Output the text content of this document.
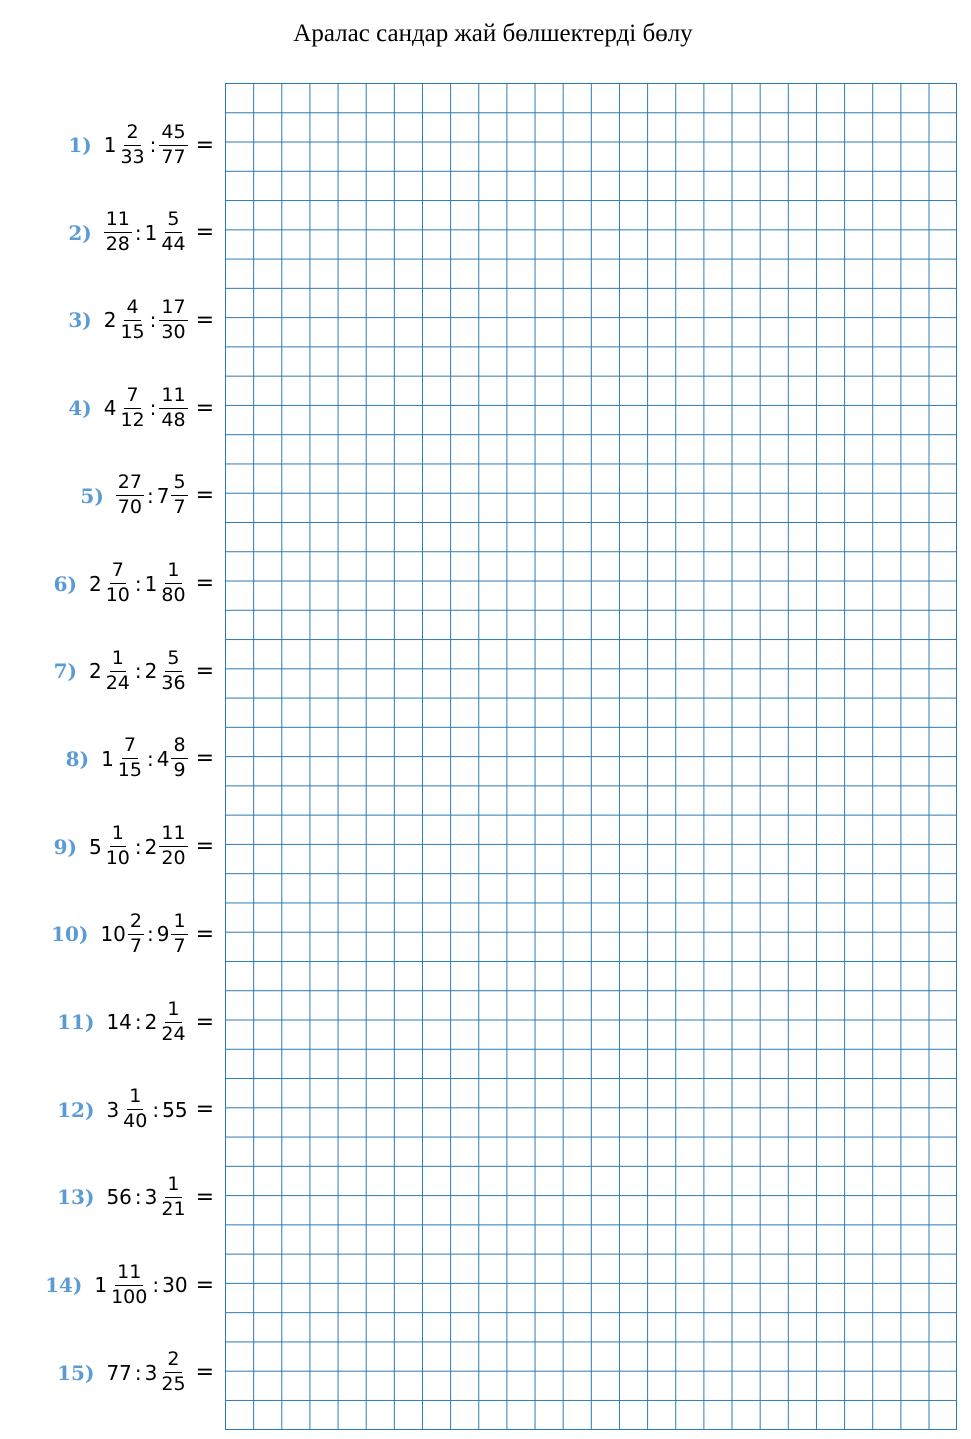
Аралас сандар жай бөлшектерді бөлу
1) $1 \frac{2}{33}$ : $\frac{45}{77}$ =
$2) \frac{11}{28}$ : $1 \frac{5}{44}$ =
3) $2 \frac{4}{15}$ : $\frac{17}{30}$ =
4) $4 \frac{7}{12}$ : $\frac{11}{48}$ =
$5) \frac{27}{70}$ : $7 \frac{5}{7}$ =
6) $2 \frac{7}{10}$ : $1 \frac{1}{80}$ =
7) $2 \frac{1}{24}$ : $2 \frac{5}{36}$ =
8) $1 \frac{7}{15}$ : $4 \frac{8}{9}$ =
9) $5 \frac{1}{10}$ : $2 \frac{11}{20}$ =
10) $10 \frac{2}{7}$ : $9 \frac{1}{7}$ =
11) 14 : $2 \frac{1}{24}$ =
12) $3 \frac{1}{40}$ : 55 =
13) 56 : $3 \frac{1}{21}$ =
14) $1 \frac{11}{100}$ : 30 =
15) 77 : $3 \frac{2}{25}$ =
